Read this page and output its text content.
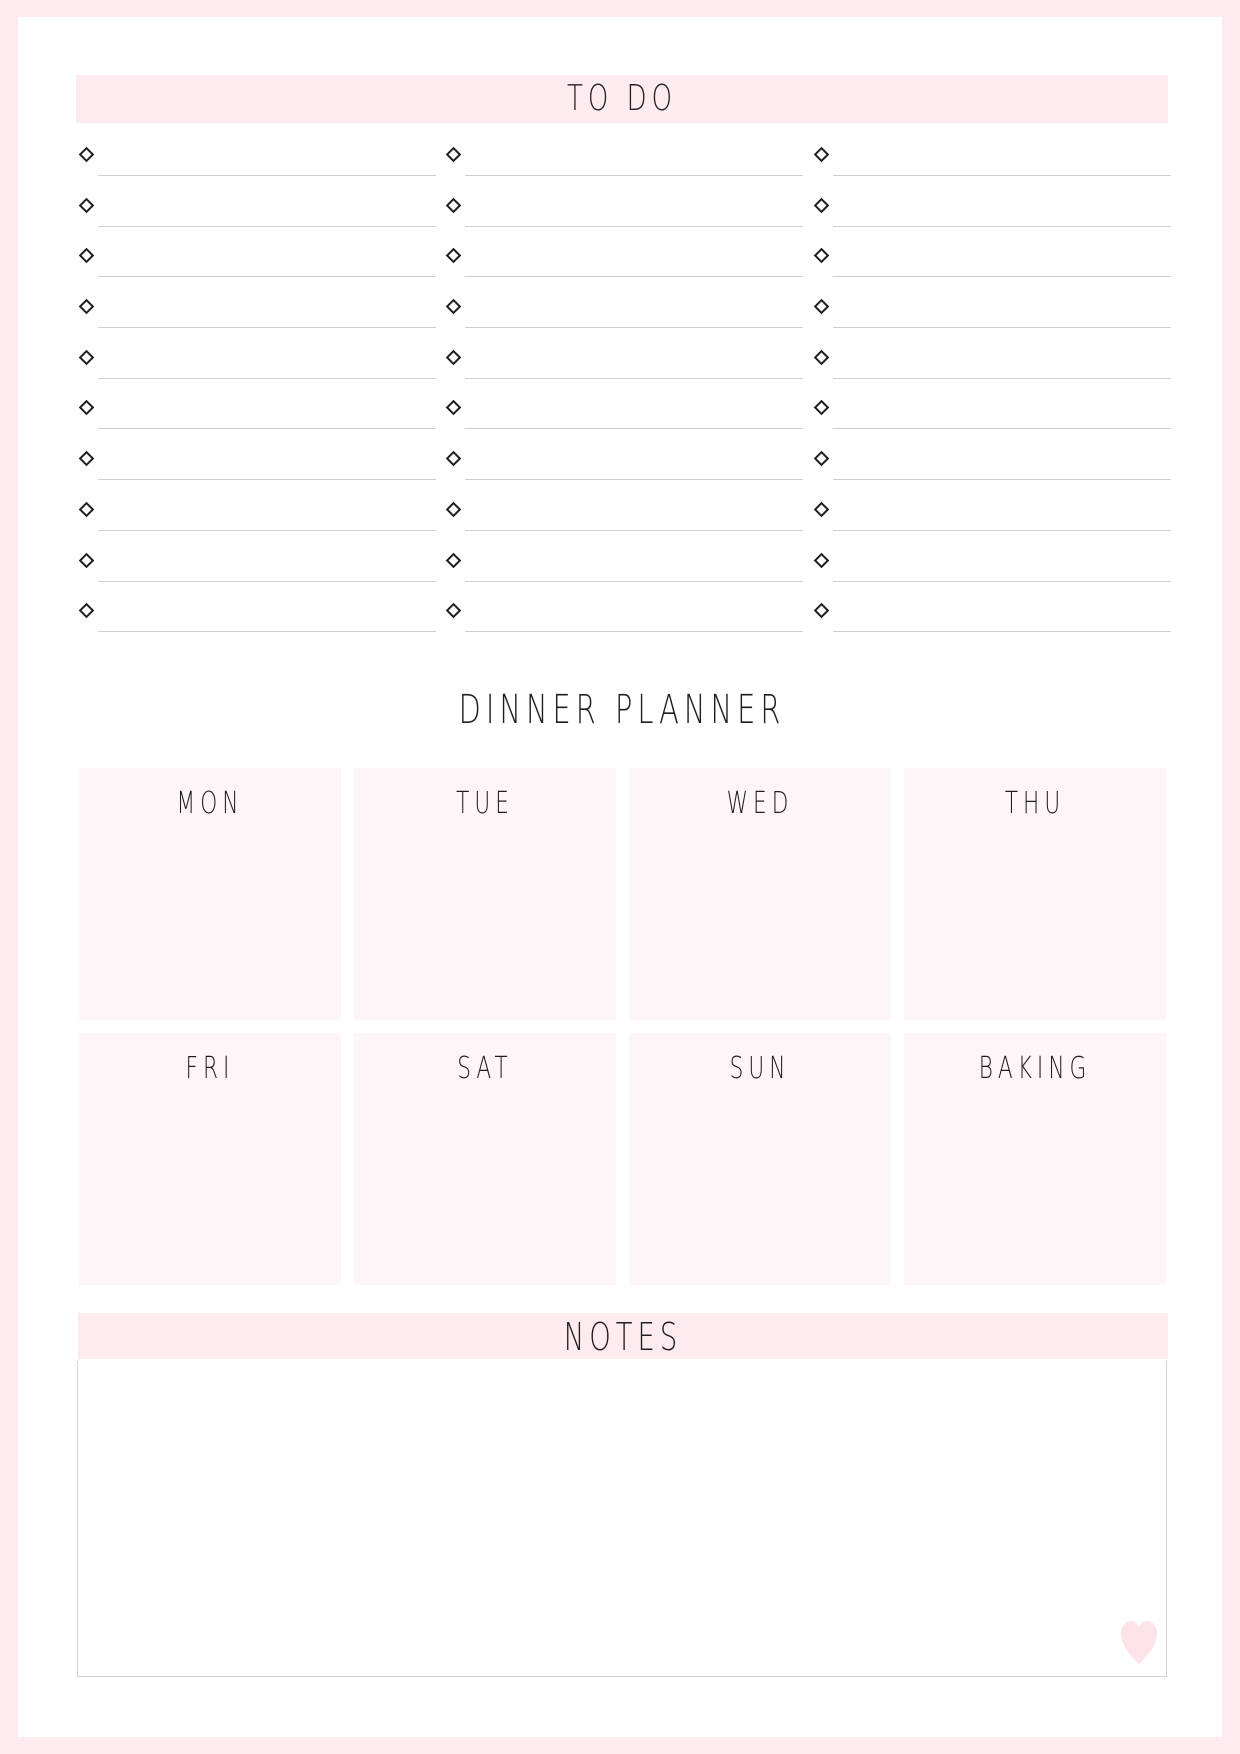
TO DO
DINNER PLANNER
MON	TUE	WED	THU
FRI	SAT	SUN	BAKING
NOTES
